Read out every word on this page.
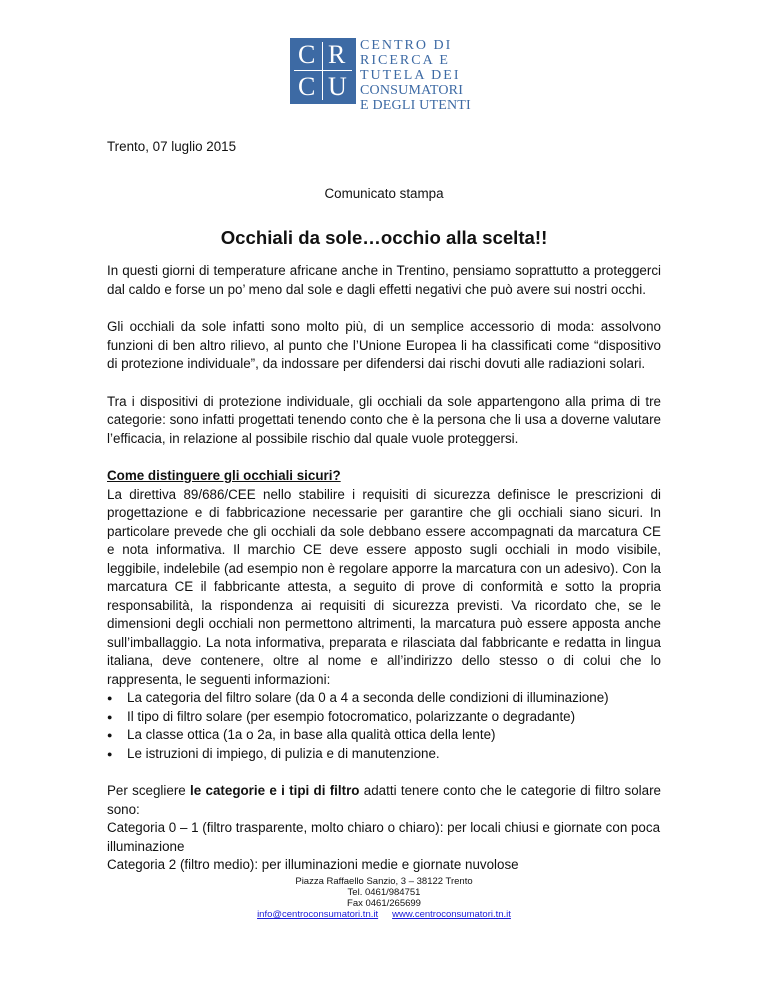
C R
C U
CENTRO DI
RICERCA E
TUTELA DEI
CONSUMATORI
E DEGLI UTENTI

Trento, 07 luglio 2015

Comunicato stampa

Occhiali da sole…occhio alla scelta!!

In questi giorni di temperature africane anche in Trentino, pensiamo soprattutto a proteggerci dal caldo e forse un po’ meno dal sole e dagli effetti negativi che può avere sui nostri occhi.

Gli occhiali da sole infatti sono molto più, di un semplice accessorio di moda: assolvono funzioni di ben altro rilievo, al punto che l’Unione Europea li ha classificati come “dispositivo di protezione individuale”, da indossare per difendersi dai rischi dovuti alle radiazioni solari.

Tra i dispositivi di protezione individuale, gli occhiali da sole appartengono alla prima di tre categorie: sono infatti progettati tenendo conto che è la persona che li usa a doverne valutare l’efficacia, in relazione al possibile rischio dal quale vuole proteggersi.

Come distinguere gli occhiali sicuri?

La direttiva 89/686/CEE nello stabilire i requisiti di sicurezza definisce le prescrizioni di progettazione e di fabbricazione necessarie per garantire che gli occhiali siano sicuri. In particolare prevede che gli occhiali da sole debbano essere accompagnati da marcatura CE e nota informativa. Il marchio CE deve essere apposto sugli occhiali in modo visibile, leggibile, indelebile (ad esempio non è regolare apporre la marcatura con un adesivo). Con la marcatura CE il fabbricante attesta, a seguito di prove di conformità e sotto la propria responsabilità, la rispondenza ai requisiti di sicurezza previsti. Va ricordato che, se le dimensioni degli occhiali non permettono altrimenti, la marcatura può essere apposta anche sull’imballaggio. La nota informativa, preparata e rilasciata dal fabbricante e redatta in lingua italiana, deve contenere, oltre al nome e all’indirizzo dello stesso o di colui che lo rappresenta, le seguenti informazioni:

● La categoria del filtro solare (da 0 a 4 a seconda delle condizioni di illuminazione)
● Il tipo di filtro solare (per esempio fotocromatico, polarizzante o degradante)
● La classe ottica (1a o 2a, in base alla qualità ottica della lente)
● Le istruzioni di impiego, di pulizia e di manutenzione.

Per scegliere le categorie e i tipi di filtro adatti tenere conto che le categorie di filtro solare sono:

Categoria 0 – 1 (filtro trasparente, molto chiaro o chiaro): per locali chiusi e giornate con poca illuminazione

Categoria 2 (filtro medio): per illuminazioni medie e giornate nuvolose

Piazza Raffaello Sanzio, 3 – 38122 Trento
Tel. 0461/984751
Fax 0461/265699
info@centroconsumatori.tn.it www.centroconsumatori.tn.it
